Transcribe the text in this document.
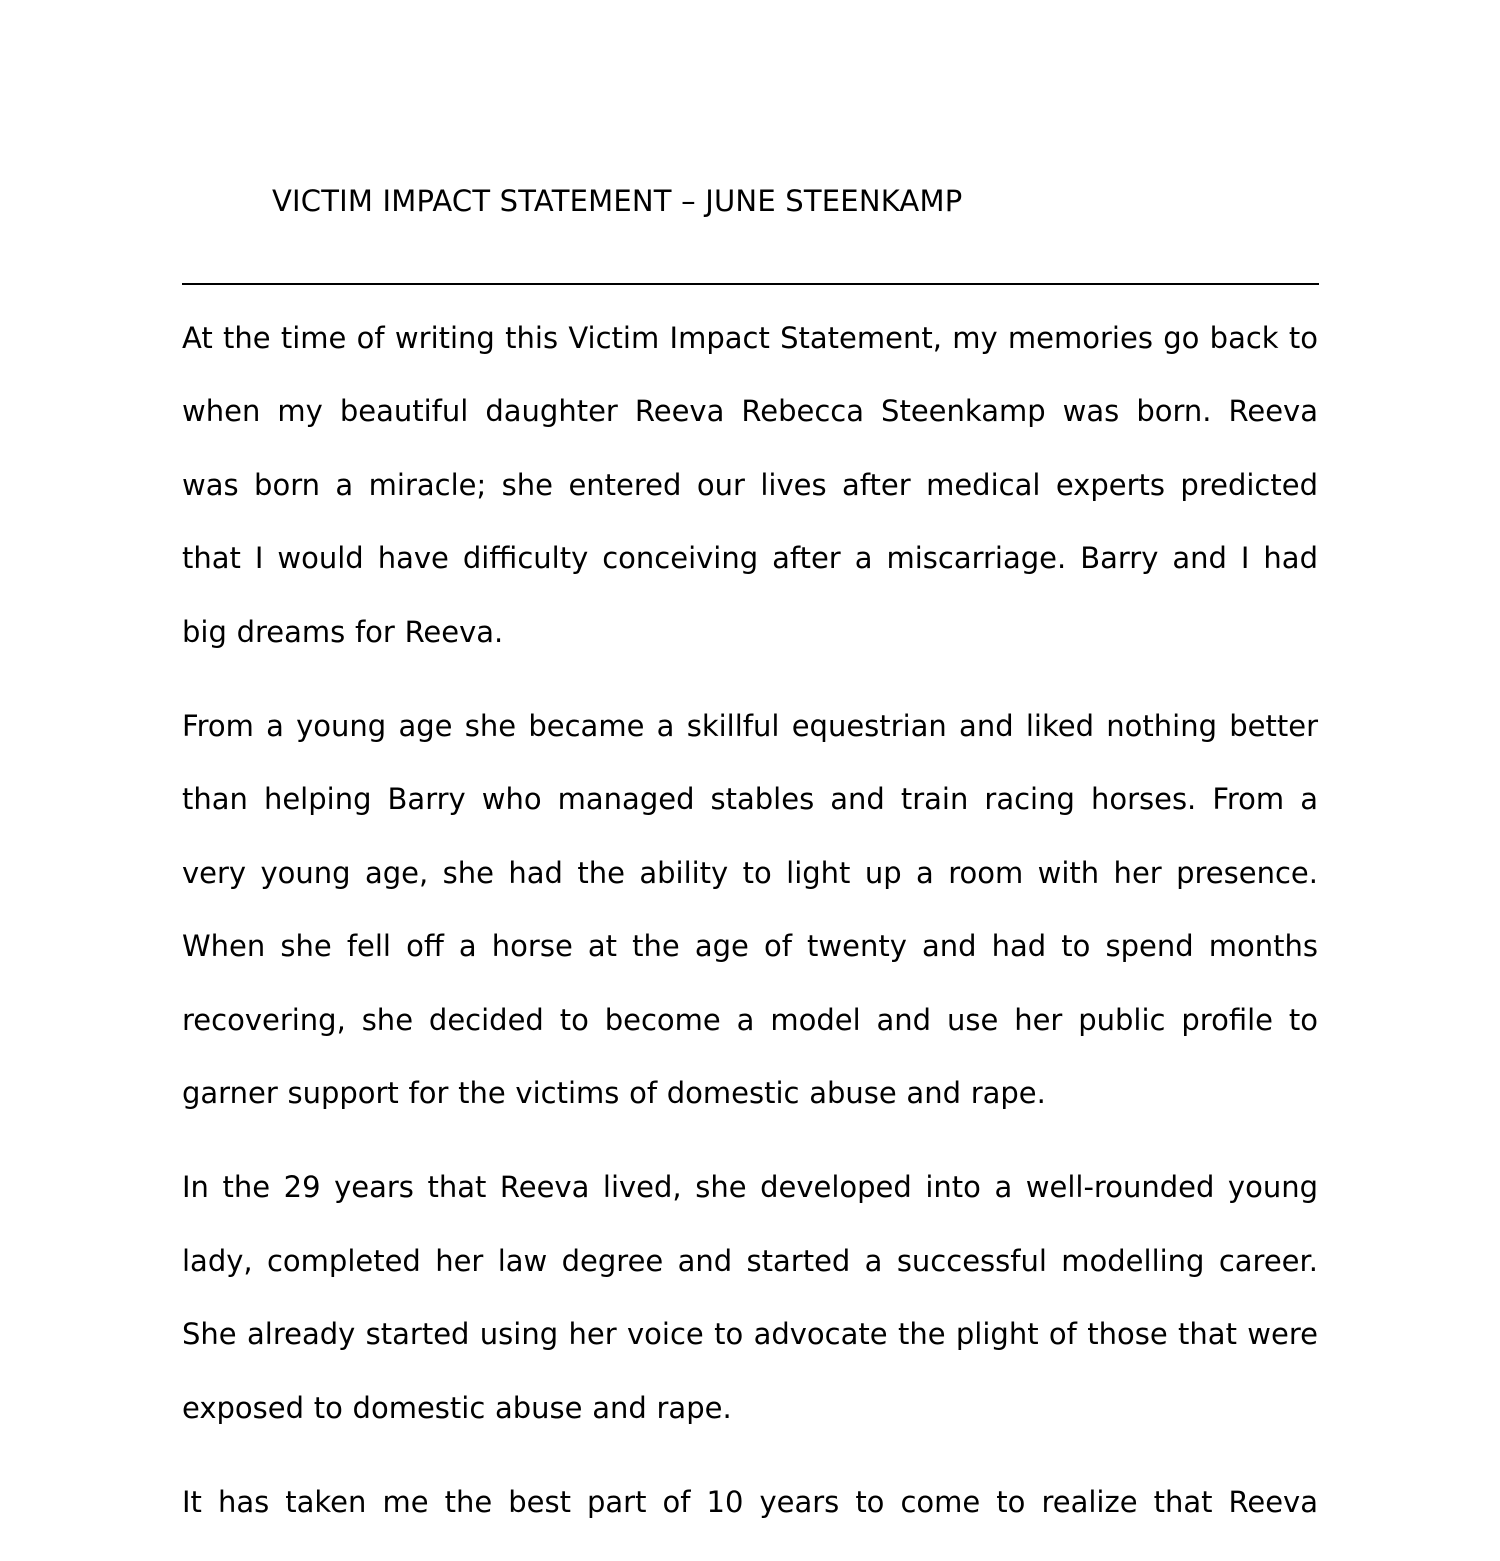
VICTIM IMPACT STATEMENT – JUNE STEENKAMP

At the time of writing this Victim Impact Statement, my memories go back to when my beautiful daughter Reeva Rebecca Steenkamp was born. Reeva was born a miracle; she entered our lives after medical experts predicted that I would have difficulty conceiving after a miscarriage. Barry and I had big dreams for Reeva.

From a young age she became a skillful equestrian and liked nothing better than helping Barry who managed stables and train racing horses. From a very young age, she had the ability to light up a room with her presence. When she fell off a horse at the age of twenty and had to spend months recovering, she decided to become a model and use her public profile to garner support for the victims of domestic abuse and rape.

In the 29 years that Reeva lived, she developed into a well-rounded young lady, completed her law degree and started a successful modelling career. She already started using her voice to advocate the plight of those that were exposed to domestic abuse and rape.

It has taken me the best part of 10 years to come to realize that Reeva
